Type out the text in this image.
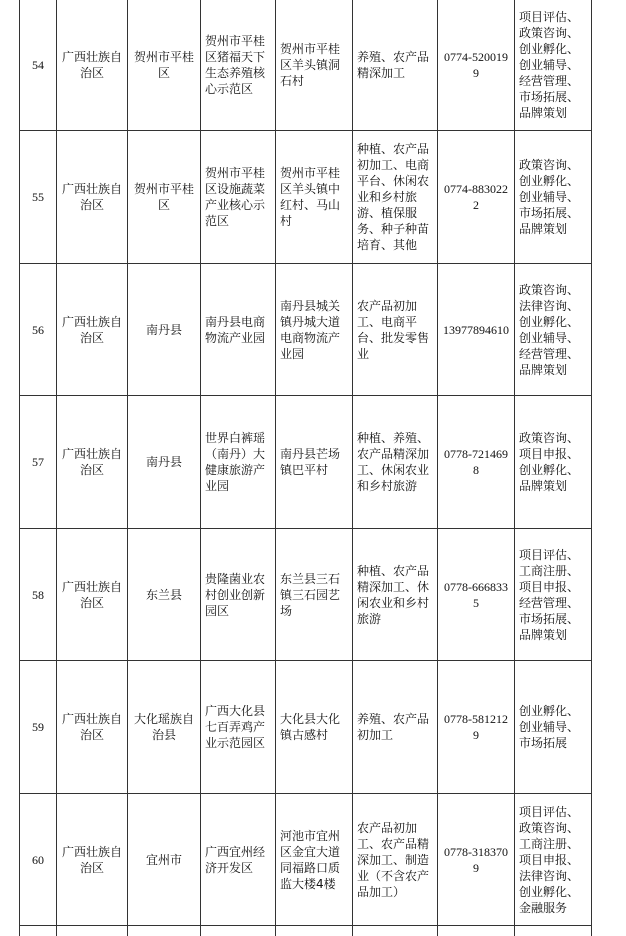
54	广西壮族自治区	贺州市平桂区	贺州市平桂区猪福天下生态养殖核心示范区	贺州市平桂区羊头镇洞石村	养殖、农产品精深加工	0774-5200199	项目评估、政策咨询、创业孵化、创业辅导、经营管理、市场拓展、品牌策划
55	广西壮族自治区	贺州市平桂区	贺州市平桂区设施蔬菜产业核心示范区	贺州市平桂区羊头镇中红村、马山村	种植、农产品初加工、电商平台、休闲农业和乡村旅游、植保服务、种子种苗培育、其他	0774-8830222	政策咨询、创业孵化、创业辅导、市场拓展、品牌策划
56	广西壮族自治区	南丹县	南丹县电商物流产业园	南丹县城关镇丹城大道电商物流产业园	农产品初加工、电商平台、批发零售业	13977894610	政策咨询、法律咨询、创业孵化、创业辅导、经营管理、品牌策划
57	广西壮族自治区	南丹县	世界白裤瑶（南丹）大健康旅游产业园	南丹县芒场镇巴平村	种植、养殖、农产品精深加工、休闲农业和乡村旅游	0778-7214698	政策咨询、项目申报、创业孵化、品牌策划
58	广西壮族自治区	东兰县	贵隆菌业农村创业创新园区	东兰县三石镇三石园艺场	种植、农产品精深加工、休闲农业和乡村旅游	0778-6668335	项目评估、工商注册、项目申报、经营管理、市场拓展、品牌策划
59	广西壮族自治区	大化瑶族自治县	广西大化县七百弄鸡产业示范园区	大化县大化镇古感村	养殖、农产品初加工	0778-5812129	创业孵化、创业辅导、市场拓展
60	广西壮族自治区	宜州市	广西宜州经济开发区	河池市宜州区金宜大道同福路口质监大楼4楼	农产品初加工、农产品精深加工、制造业（不含农产品加工）	0778-3183709	项目评估、政策咨询、工商注册、项目申报、法律咨询、创业孵化、金融服务
